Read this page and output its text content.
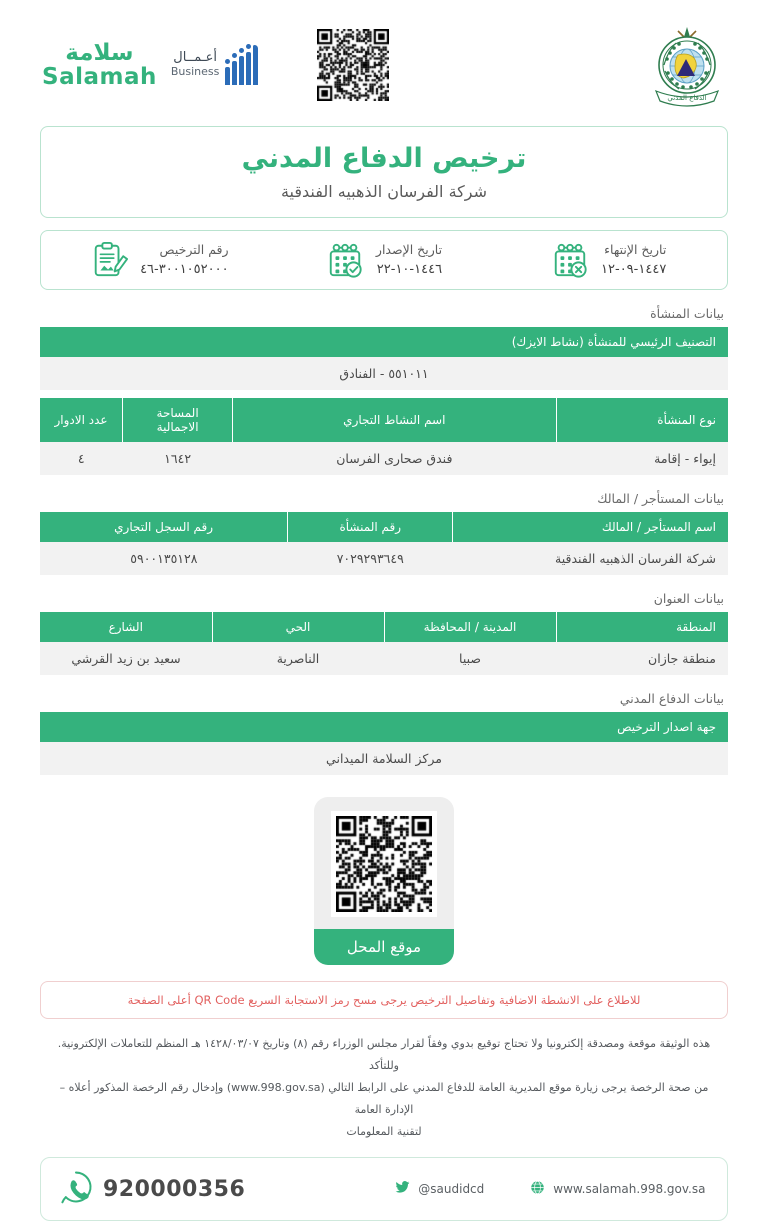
الدفاع المدني
سلامة
Salamah
أعـمــال
Business
ترخيص الدفاع المدني
شركة الفرسان الذهبيه الفندقية
تاريخ الإنتهاء
١٤٤٧-٠٩-١٢
تاريخ الإصدار
١٤٤٦-١٠-٢٢
رقم الترخيص
٣٠٠١٠٥٢٠٠٠-٤٦
بيانات المنشأة
التصنيف الرئيسي للمنشأة (نشاط الايزك)
٥٥١٠١١ - الفنادق
نوع المنشأة	اسم النشاط التجاري	المساحة الاجمالية	عدد الادوار
إيواء - إقامة	فندق صحارى الفرسان	١٦٤٢	٤
بيانات المستأجر / المالك
اسم المستأجر / المالك	رقم المنشأة	رقم السجل التجاري
شركة الفرسان الذهبيه الفندقية	٧٠٢٩٢٩٣٦٤٩	٥٩٠٠١٣٥١٢٨
بيانات العنوان
المنطقة	المدينة / المحافظة	الحي	الشارع
منطقة جازان	صبيا	الناصرية	سعيد بن زيد القرشي
بيانات الدفاع المدني
جهة اصدار الترخيص
مركز السلامة الميداني
موقع المحل
للاطلاع على الانشطة الاضافية وتفاصيل الترخيص يرجى مسح رمز الاستجابة السريع QR Code أعلى الصفحة
هذه الوثيقة موقعة ومصدقة إلكترونيا ولا تحتاج توقيع بدوي وفقاً لقرار مجلس الوزراء رقم (٨) وتاريخ ١٤٢٨/٠٣/٠٧ هـ المنظم للتعاملات الإلكترونية. وللتأكد
من صحة الرخصة يرجى زيارة موقع المديرية العامة للدفاع المدني على الرابط التالي (www.998.gov.sa) وإدخال رقم الرخصة المذكور أعلاه – الإدارة العامة
لتقنية المعلومات
920000356	@saudidcd	www.salamah.998.gov.sa
